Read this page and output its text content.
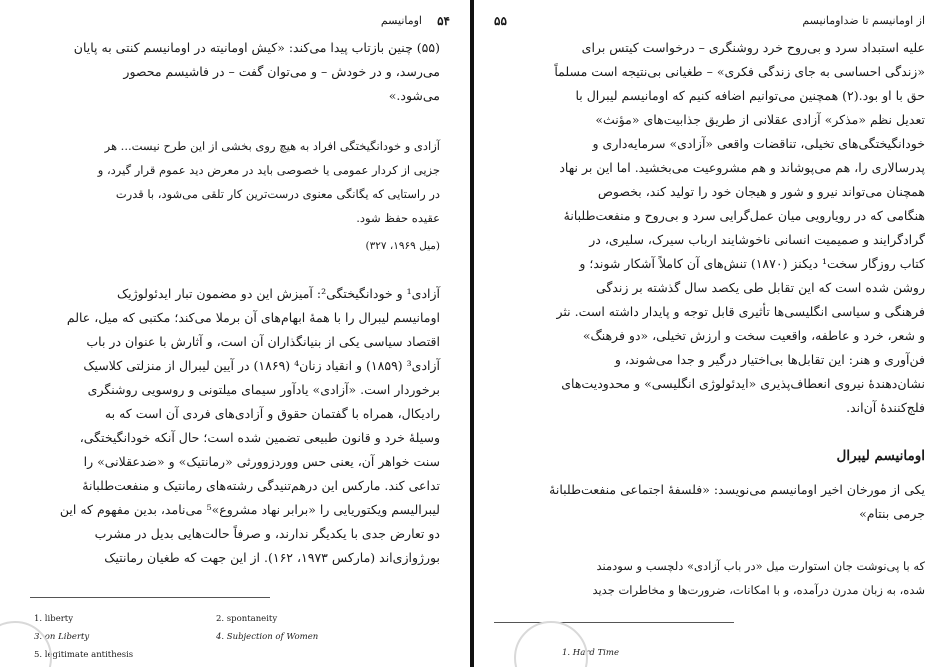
اومانیسم ۵۴
(۵۵) چنین بازتاب پیدا می‌کند: «کیش اومانیته در اومانیسم کنتی به پایان
می‌رسد، و در خودش – و می‌توان گفت – در فاشیسم محصور
می‌شود.»
آزادی و خودانگیختگی افراد به هیچ روی بخشی از این طرح نیست... هر
جزیی از کردار عمومی یا خصوصی باید در معرض دید عموم قرار گیرد، و
در راستایی که یگانگی معنوی درست‌ترین کار تلقی می‌شود، با قدرت
عقیده حفظ شود.
(میل ۱۹۶۹، ۳۲۷)
آزادی¹ و خودانگیختگی²: آمیزش این دو مضمون تبار ایدئولوژیک
اومانیسم لیبرال را با همهٔ ابهام‌های آن برملا می‌کند؛ مکتبی که میل، عالم
اقتصاد سیاسی یکی از بنیانگذاران آن است، و آثارش با عنوان در باب
آزادی³ (۱۸۵۹) و انقیاد زنان⁴ (۱۸۶۹) در آیین لیبرال از منزلتی کلاسیک
برخوردار است. «آزادی» یادآور سیمای میلتونی و روسویی روشنگری
رادیکال، همراه با گفتمان حقوق و آزادی‌های فردی آن است که به
وسیلهٔ خرد و قانون طبیعی تضمین شده است؛ حال آنکه خودانگیختگی،
سنت خواهر آن، یعنی حس ووردزوورثی «رمانتیک» و «ضدعقلانی» را
تداعی کند. مارکس این درهم‌تنیدگی رشته‌های رمانتیک و منفعت‌طلبانهٔ
لیبرالیسم ویکتوریایی را «برابر نهاد مشروع»⁵ می‌نامد، بدین مفهوم که این
دو تعارض جدی با یکدیگر ندارند، و صرفاً حالت‌هایی بدیل در مشرب
بورژوازی‌اند (مارکس ۱۹۷۳، ۱۶۲). از این جهت که طغیان رمانتیک
1. liberty	2. spontaneity
3. on Liberty	4. Subjection of Women
5. legitimate antithesis
۵۵	از اومانیسم تا ضداومانیسم
علیه استبداد سرد و بی‌روح خرد روشنگری – درخواست کیتس برای
«زندگی احساسی به جای زندگی فکری» – طغیانی بی‌نتیجه است مسلماً
حق با او بود.(۲) همچنین می‌توانیم اضافه کنیم که اومانیسم لیبرال با
تعدیل نظم «مذکر» آزادی عقلانی از طریق جذابیت‌های «مؤنث»
خودانگیختگی‌های تخیلی، تناقضات واقعی «آزادی» سرمایه‌داری و
پدرسالاری را، هم می‌پوشاند و هم مشروعیت می‌بخشید. اما این بر نهاد
همچنان می‌تواند نیرو و شور و هیجان خود را تولید کند، بخصوص
هنگامی که در رویارویی میان عمل‌گرایی سرد و بی‌روح و منفعت‌طلبانهٔ
گرادگرایند و صمیمیت انسانی ناخوشایند ارباب سیرک، سلیری، در
کتاب روزگار سخت¹ دیکنز (۱۸۷۰) تنش‌های آن کاملاً آشکار شوند؛ و
روشن شده است که این تقابل طی یکصد سال گذشته بر زندگی
فرهنگی و سیاسی انگلیسی‌ها تأثیری قابل توجه و پایدار داشته است. نثر
و شعر، خرد و عاطفه، واقعیت سخت و ارزش تخیلی، «دو فرهنگ»
فن‌آوری و هنر: این تقابل‌ها بی‌اختیار درگیر و جدا می‌شوند، و
نشان‌دهندهٔ نیروی انعطاف‌پذیری «ایدئولوژی انگلیسی» و محدودیت‌های
فلج‌کنندهٔ آن‌اند.
اومانیسم لیبرال
یکی از مورخان اخیر اومانیسم می‌نویسد: «فلسفهٔ اجتماعی منفعت‌طلبانهٔ
جرمی بنتام»
که با پی‌نوشت جان استوارت میل «در باب آزادی» دلچسب و سودمند
شده، به زبان مدرن درآمده، و با امکانات، ضرورت‌ها و مخاطرات جدید
1. Hard Time
